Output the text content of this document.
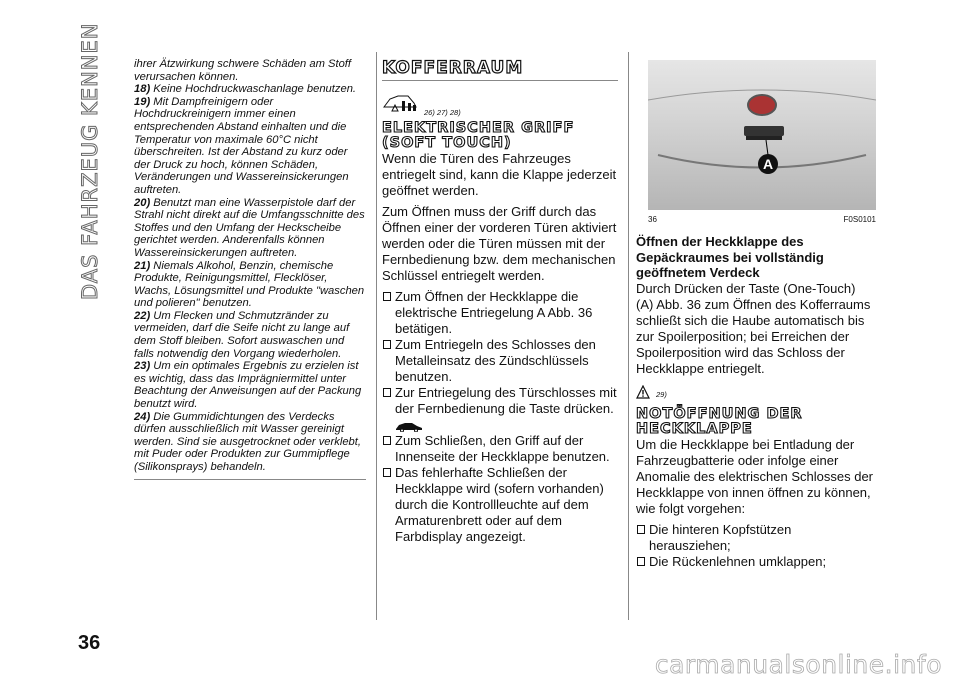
DAS FAHRZEUG KENNEN
36

ihrer Ätzwirkung schwere Schäden am Stoff verursachen können.

18) Keine Hochdruckwaschanlage benutzen.

19) Mit Dampfreinigern oder Hochdruckreinigern immer einen entsprechenden Abstand einhalten und die Temperatur von maximale 60°C nicht überschreiten. Ist der Abstand zu kurz oder der Druck zu hoch, können Schäden, Veränderungen und Wassereinsickerungen auftreten.

20) Benutzt man eine Wasserpistole darf der Strahl nicht direkt auf die Umfangsschnitte des Stoffes und den Umfang der Heckscheibe gerichtet werden. Anderenfalls können Wassereinsickerungen auftreten.

21) Niemals Alkohol, Benzin, chemische Produkte, Reinigungsmittel, Flecklöser, Wachs, Lösungsmittel und Produkte "waschen und polieren" benutzen.

22) Um Flecken und Schmutzränder zu vermeiden, darf die Seife nicht zu lange auf dem Stoff bleiben. Sofort auswaschen und falls notwendig den Vorgang wiederholen.

23) Um ein optimales Ergebnis zu erzielen ist es wichtig, dass das Imprägniermittel unter Beachtung der Anweisungen auf der Packung benutzt wird.

24) Die Gummidichtungen des Verdecks dürfen ausschließlich mit Wasser gereinigt werden. Sind sie ausgetrocknet oder verklebt, mit Puder oder Produkten zur Gummipflege (Silikonsprays) behandeln.

KOFFERRAUM
26) 27) 28)
ELEKTRISCHER GRIFF (SOFT TOUCH)

Wenn die Türen des Fahrzeuges entriegelt sind, kann die Klappe jederzeit geöffnet werden.

Zum Öffnen muss der Griff durch das Öffnen einer der vorderen Türen aktiviert werden oder die Türen müssen mit der Fernbedienung bzw. dem mechanischen Schlüssel entriegelt werden.

Zum Öffnen der Heckklappe die elektrische Entriegelung A Abb. 36 betätigen.

Zum Entriegeln des Schlosses den Metalleinsatz des Zündschlüssels benutzen.

Zur Entriegelung des Türschlosses mit der Fernbedienung die Taste drücken.

Zum Schließen, den Griff auf der Innenseite der Heckklappe benutzen.

Das fehlerhafte Schließen der Heckklappe wird (sofern vorhanden) durch die Kontrollleuchte auf dem Armaturenbrett oder auf dem Farbdisplay angezeigt.

A
36	F0S0101

Öffnen der Heckklappe des Gepäckraumes bei vollständig geöffnetem Verdeck

Durch Drücken der Taste (One-Touch) (A) Abb. 36 zum Öffnen des Kofferraums schließt sich die Haube automatisch bis zur Spoilerposition; bei Erreichen der Spoilerposition wird das Schloss der Heckklappe entriegelt.

29)
NOTÖFFNUNG DER HECKKLAPPE

Um die Heckklappe bei Entladung der Fahrzeugbatterie oder infolge einer Anomalie des elektrischen Schlosses der Heckklappe von innen öffnen zu können, wie folgt vorgehen:

Die hinteren Kopfstützen herausziehen;

Die Rückenlehnen umklappen;

carmanualsonline.info
